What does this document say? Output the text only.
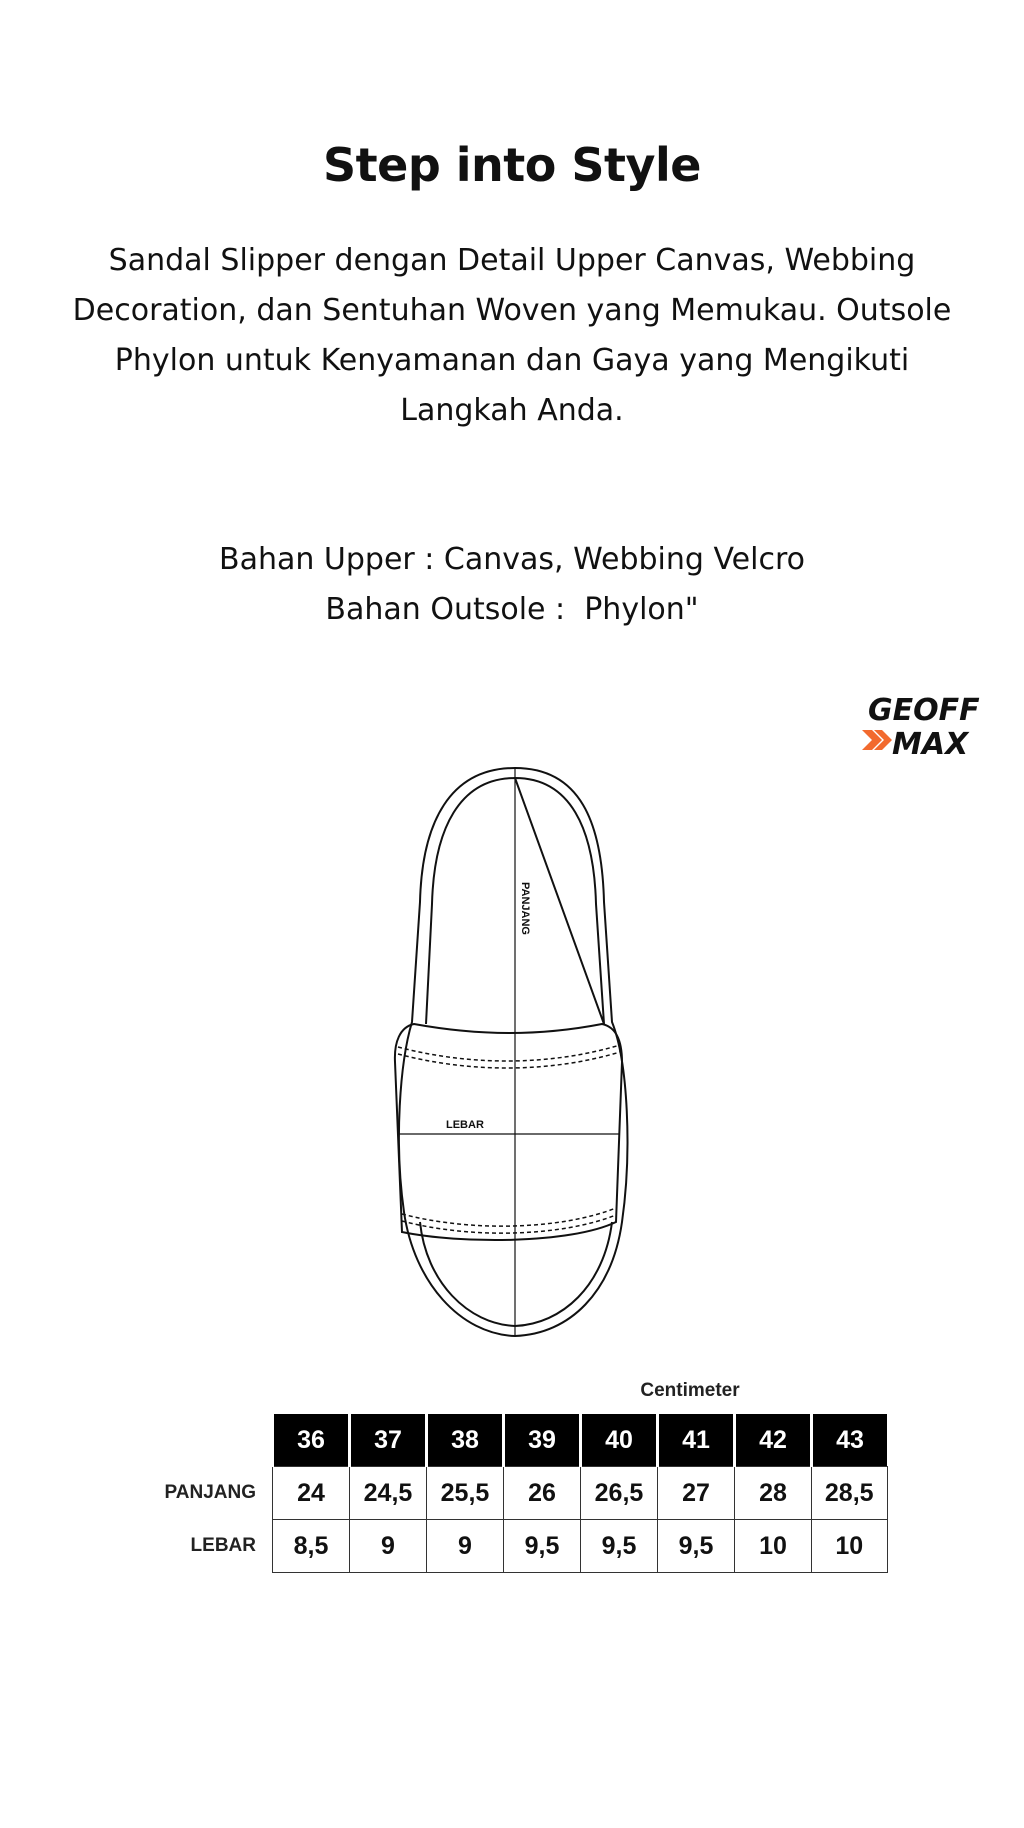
Step into Style

Sandal Slipper dengan Detail Upper Canvas, Webbing Decoration, dan Sentuhan Woven yang Memukau. Outsole Phylon untuk Kenyamanan dan Gaya yang Mengikuti Langkah Anda.

Bahan Upper : Canvas, Webbing Velcro
Bahan Outsole :  Phylon"
GEOFF
MAX
PANJANG
LEBAR
Centimeter
	36	37	38	39	40	41	42	43
PANJANG	24	24,5	25,5	26	26,5	27	28	28,5
LEBAR	8,5	9	9	9,5	9,5	9,5	10	10
